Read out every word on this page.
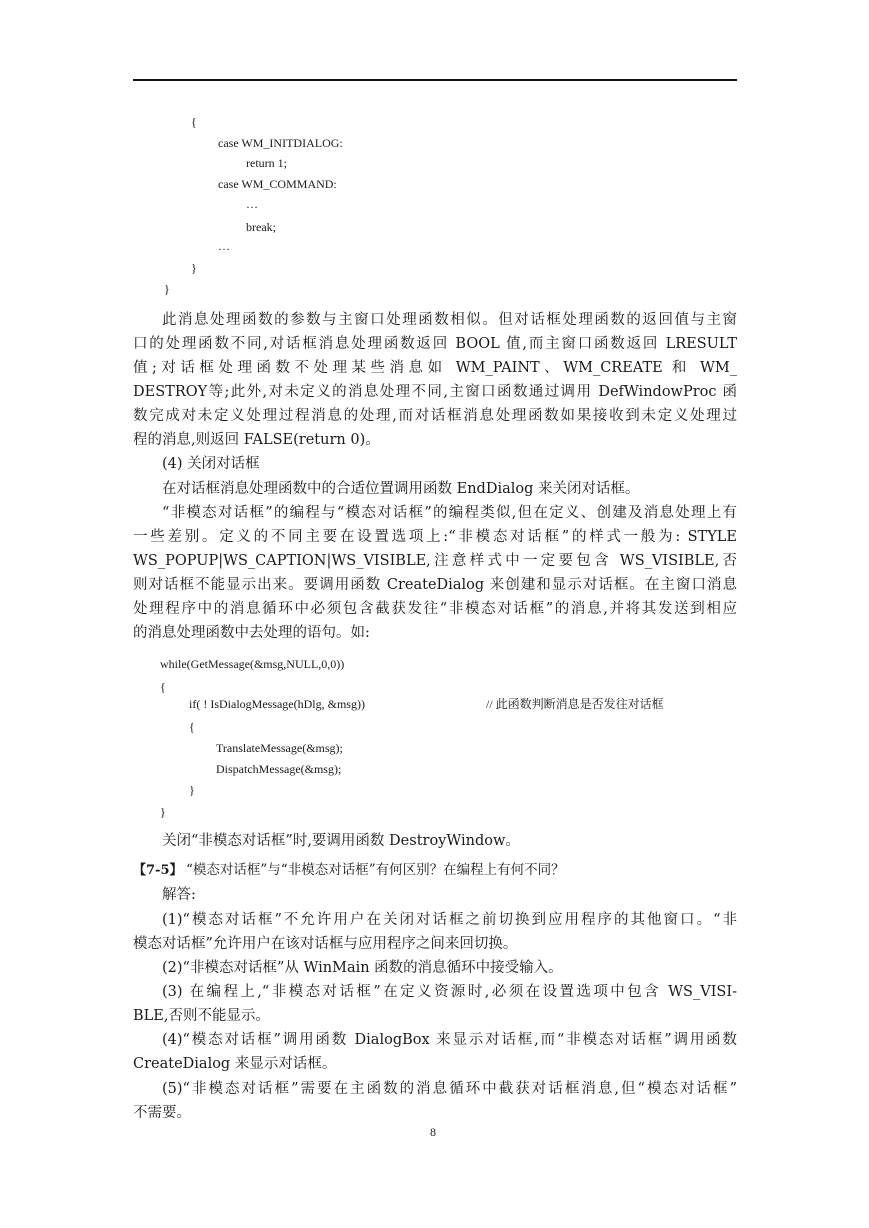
{
case WM_INITDIALOG:
return 1;
case WM_COMMAND:
…
break;
…
}
}
此消息处理函数的参数与主窗口处理函数相似。但对话框处理函数的返回值与主窗
口的处理函数不同,对话框消息处理函数返回 BOOL 值,而主窗口函数返回 LRESULT
值;对话框处理函数不处理某些消息如 WM_PAINT、WM_CREATE 和 WM_
DESTROY等;此外,对未定义的消息处理不同,主窗口函数通过调用 DefWindowProc 函
数完成对未定义处理过程消息的处理,而对话框消息处理函数如果接收到未定义处理过
程的消息,则返回 FALSE(return 0)。
(4) 关闭对话框
在对话框消息处理函数中的合适位置调用函数 EndDialog 来关闭对话框。
“非模态对话框”的编程与“模态对话框”的编程类似,但在定义、创建及消息处理上有
一些差别。定义的不同主要在设置选项上:“非模态对话框”的样式一般为: STYLE
WS_POPUP|WS_CAPTION|WS_VISIBLE,注意样式中一定要包含 WS_VISIBLE,否
则对话框不能显示出来。要调用函数 CreateDialog 来创建和显示对话框。在主窗口消息
处理程序中的消息循环中必须包含截获发往“非模态对话框”的消息,并将其发送到相应
的消息处理函数中去处理的语句。如:
while(GetMessage(&msg,NULL,0,0))
{
if( ! IsDialogMessage(hDlg, &msg))	// 此函数判断消息是否发往对话框
{
TranslateMessage(&msg);
DispatchMessage(&msg);
}
}
关闭“非模态对话框”时,要调用函数 DestroyWindow。
【7-5】 “模态对话框”与“非模态对话框”有何区别？在编程上有何不同？
解答:
(1)“模态对话框”不允许用户在关闭对话框之前切换到应用程序的其他窗口。“非
模态对话框”允许用户在该对话框与应用程序之间来回切换。
(2)“非模态对话框”从 WinMain 函数的消息循环中接受输入。
(3) 在编程上,“非模态对话框”在定义资源时,必须在设置选项中包含 WS_VISI-
BLE,否则不能显示。
(4)“模态对话框”调用函数 DialogBox 来显示对话框,而“非模态对话框”调用函数
CreateDialog 来显示对话框。
(5)“非模态对话框”需要在主函数的消息循环中截获对话框消息,但“模态对话框”
不需要。
8
